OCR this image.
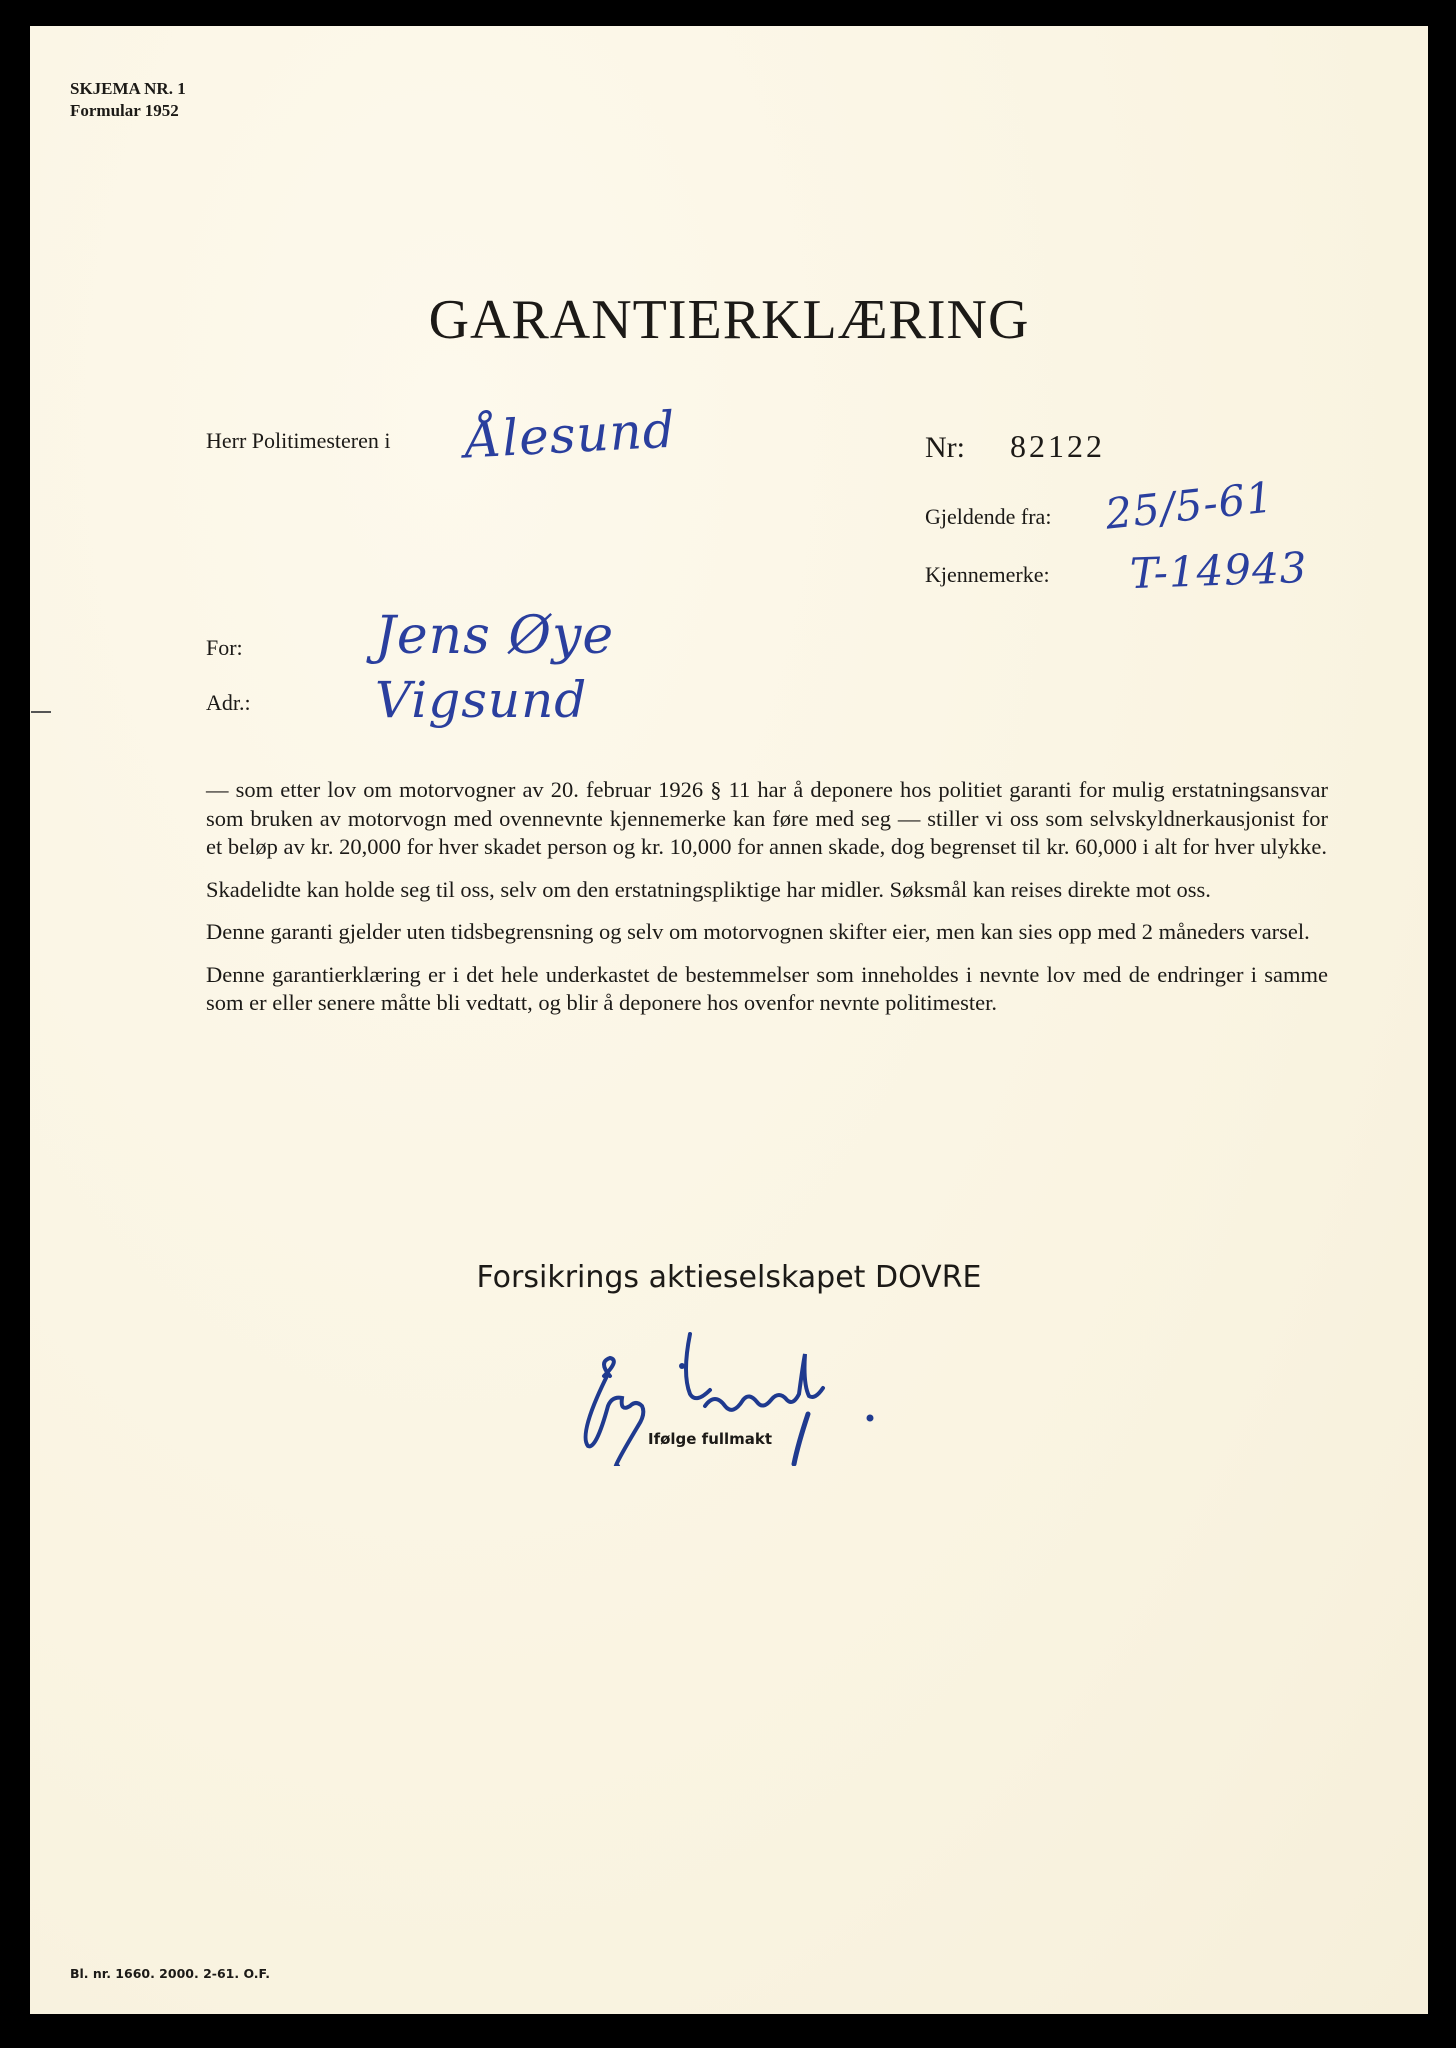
SKJEMA NR. 1
Formular 1952
GARANTIERKLÆRING
Herr Politimesteren i Ålesund	Nr: 82122
Gjeldende fra: 25/5-61
Kjennemerke: T-14943
For:	Jens Øye
Adr.: Vigsund

— som etter lov om motorvogner av 20. februar 1926 § 11 har å deponere hos politiet garanti for mulig erstatningsansvar som bruken av motorvogn med ovennevnte kjennemerke kan føre med seg — stiller vi oss som selvskyldnerkausjonist for et beløp av kr. 20,000 for hver skadet person og kr. 10,000 for annen skade, dog begrenset til kr. 60,000 i alt for hver ulykke.

Skadelidte kan holde seg til oss, selv om den erstatningspliktige har midler. Søksmål kan reises direkte mot oss.

Denne garanti gjelder uten tidsbegrensning og selv om motorvognen skifter eier, men kan sies opp med 2 måneders varsel.

Denne garantierklæring er i det hele underkastet de bestemmelser som inneholdes i nevnte lov med de endringer i samme som er eller senere måtte bli vedtatt, og blir å deponere hos ovenfor nevnte politimester.

Forsikrings aktieselskapet DOVRE
Ifølge fullmakt
Bl. nr. 1660. 2000. 2-61. O.F.
